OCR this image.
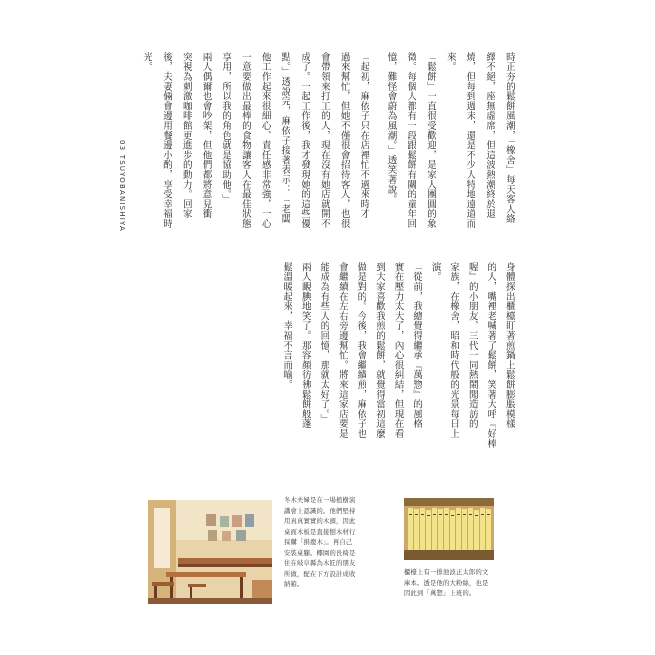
03 TSUYOBANISHIYA	時正夯的鬆餅風潮，「橡舍」每天客人絡
繹不絕，座無虛席，但這波熱潮終於退
燒，但每到週末，還是不少人特地遠道而
來。
「鬆餅」一直很受歡迎，是家人團圓的象
徵。每個人都有一段跟鬆餅有關的童年回
憶，難怪會蔚為風潮。」透笑著說。
「起初，麻依子只在店裡忙不過來時才
過來幫忙，但她不僅很會招待客人，也很
會帶領來打工的人，現在沒有她店就開不
成了。一起工作後，我才發現她的這些優
點。」透說完，麻依子接著表示：「老闆
他工作起來很細心、責任感非常強，一心
一意要做出最棒的食物讓客人在最佳狀態
享用，所以我的角色就是協助他。」
兩人偶爾也會吵架，但他們都將意見衝
突視為刺激咖啡館更進步的動力。回家
後，夫妻倆會邊用餐邊小酌，享受幸福時
光。
身體探出櫃檯盯著煎鍋上鬆餅膨脹模樣
的人，嘴裡老喊著了鬆餅，笑著大呼『好棒
喔』的小朋友、三代一同熱鬧聞造訪的
家族，在橡舍，昭和時代般的光景每日上
演。
「從前，我總覺得繼承『萬惣』的風格
實在壓力太大了，內心很糾結，但現在看
到大家喜歡我煎的鬆餅，就覺得當初這麼
做是對的。今後，我會繼續煎，麻依子也
會繼續在左右旁邊幫忙。將來這家店要是
能成為有些人的回憶，那就太好了。」
兩人靦腆地笑了。那容顏彷彿鬆餅般蓬
鬆溫暖起來，幸福不言而喻。
冬木夫婦是在一場植樹演
講會上認識的。他們堅持
用真真實實的木頭，因此
桌面木板是直接刨木材行
採購「捐鹿木」。再自己
安裝桌腳。椰園的長椅是
住在岐阜縣為木匠的朋友
所做，配在下方設計成收
納箱。
櫃檯上有一排池波正太郎的文
庫本。透是他的大粉絲，也是
因此到「萬惣」上班的。
